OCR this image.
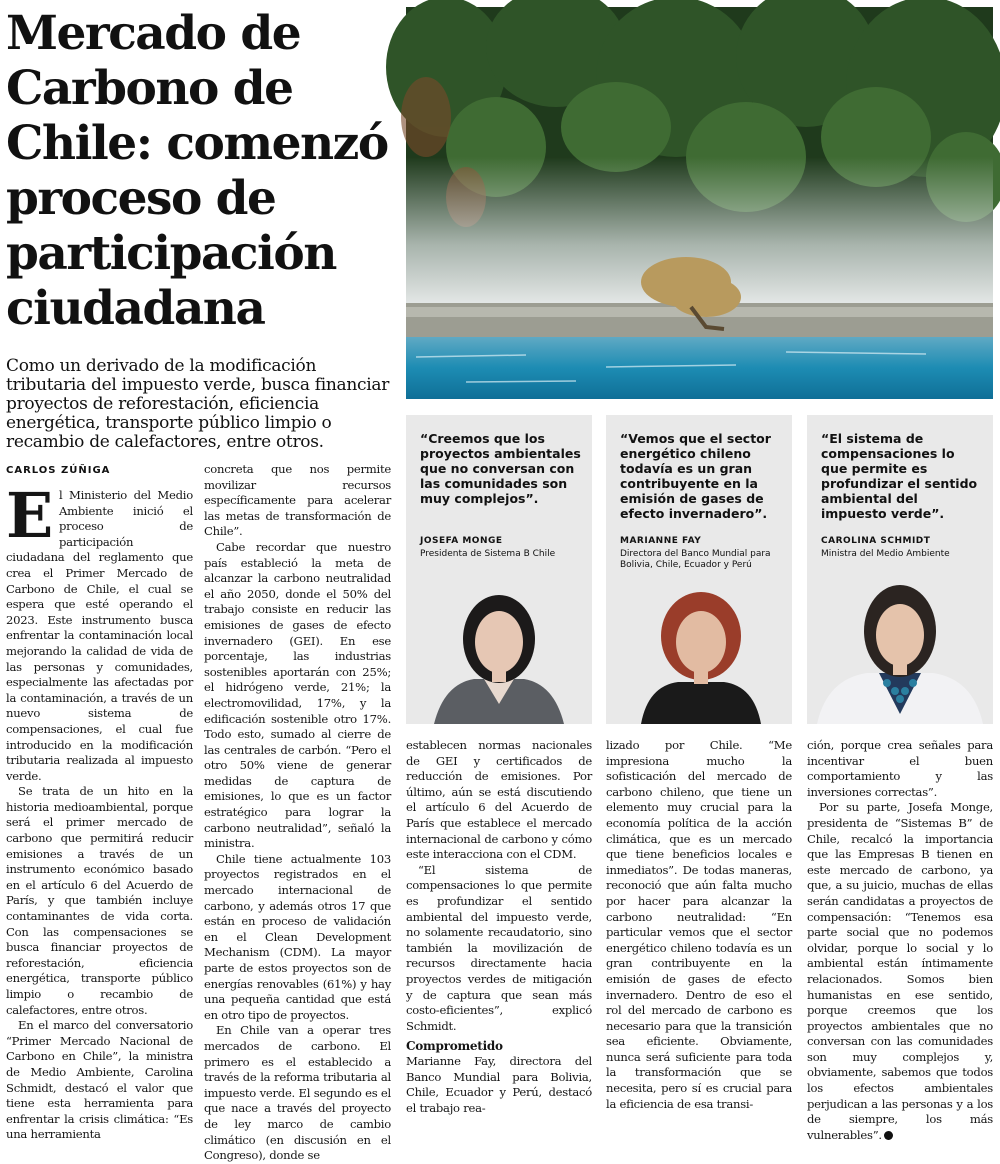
Mercado de
Carbono de
Chile: comenzó
proceso de
participación
ciudadana

Como un derivado de la modificación tributaria del impuesto verde, busca financiar proyectos de reforestación, eficiencia energética, transporte público limpio o recambio de calefactores, entre otros.

CARLOS ZÚÑIGA

El Ministerio del Medio Ambiente inició el proceso de participación ciudadana del reglamento que crea el Primer Mercado de Carbono de Chile, el cual se espera que esté operando el 2023. Este instrumento busca enfrentar la contaminación local mejorando la calidad de vida de las personas y comunidades, especialmente las afectadas por la contaminación, a través de un nuevo sistema de compensaciones, el cual fue introducido en la modificación tributaria realizada al impuesto verde.

Se trata de un hito en la historia medioambiental, porque será el primer mercado de carbono que permitirá reducir emisiones a través de un instrumento económico basado en el artículo 6 del Acuerdo de París, y que también incluye contaminantes de vida corta. Con las compensaciones se busca financiar proyectos de reforestación, eficiencia energética, transporte público limpio o recambio de calefactores, entre otros.

En el marco del conversatorio “Primer Mercado Nacional de Carbono en Chile”, la ministra de Medio Ambiente, Carolina Schmidt, destacó el valor que tiene esta herramienta para enfrentar la crisis climática: “Es una herramienta

concreta que nos permite movilizar recursos específicamente para acelerar las metas de transformación de Chile”.

Cabe recordar que nuestro país estableció la meta de alcanzar la carbono neutralidad el año 2050, donde el 50% del trabajo consiste en reducir las emisiones de gases de efecto invernadero (GEI). En ese porcentaje, las industrias sostenibles aportarán con 25%; el hidrógeno verde, 21%; la electromovilidad, 17%, y la edificación sostenible otro 17%. Todo esto, sumado al cierre de las centrales de carbón. “Pero el otro 50% viene de generar medidas de captura de emisiones, lo que es un factor estratégico para lograr la carbono neutralidad”, señaló la ministra.

Chile tiene actualmente 103 proyectos registrados en el mercado internacional de carbono, y además otros 17 que están en proceso de validación en el Clean Development Mechanism (CDM). La mayor parte de estos proyectos son de energías renovables (61%) y hay una pequeña cantidad que está en otro tipo de proyectos.

En Chile van a operar tres mercados de carbono. El primero es el establecido a través de la reforma tributaria al impuesto verde. El segundo es el que nace a través del proyecto de ley marco de cambio climático (en discusión en el Congreso), donde se

“Creemos que los proyectos ambientales que no conversan con las comunidades son muy complejos”.
JOSEFA MONGE
Presidenta de Sistema B Chile
“Vemos que el sector energético chileno todavía es un gran contribuyente en la emisión de gases de efecto invernadero”.
MARIANNE FAY
Directora del Banco Mundial para Bolivia, Chile, Ecuador y Perú
“El sistema de compensaciones lo que permite es profundizar el sentido ambiental del impuesto verde”.
CAROLINA SCHMIDT
Ministra del Medio Ambiente

establecen normas nacionales de GEI y certificados de reducción de emisiones. Por último, aún se está discutiendo el artículo 6 del Acuerdo de París que establece el mercado internacional de carbono y cómo este interacciona con el CDM.

“El sistema de compensaciones lo que permite es profundizar el sentido ambiental del impuesto verde, no solamente recaudatorio, sino también la movilización de recursos directamente hacia proyectos verdes de mitigación y de captura que sean más costo-eficientes”, explicó Schmidt.

Comprometido

Marianne Fay, directora del Banco Mundial para Bolivia, Chile, Ecuador y Perú, destacó el trabajo rea-

lizado por Chile. “Me impresiona mucho la sofisticación del mercado de carbono chileno, que tiene un elemento muy crucial para la economía política de la acción climática, que es un mercado que tiene beneficios locales e inmediatos”. De todas maneras, reconoció que aún falta mucho por hacer para alcanzar la carbono neutralidad: “En particular vemos que el sector energético chileno todavía es un gran contribuyente en la emisión de gases de efecto invernadero. Dentro de eso el rol del mercado de carbono es necesario para que la transición sea eficiente. Obviamente, nunca será suficiente para toda la transformación que se necesita, pero sí es crucial para la eficiencia de esa transi-

ción, porque crea señales para incentivar el buen comportamiento y las inversiones correctas”.

Por su parte, Josefa Monge, presidenta de “Sistemas B” de Chile, recalcó la importancia que las Empresas B tienen en este mercado de carbono, ya que, a su juicio, muchas de ellas serán candidatas a proyectos de compensación: “Tenemos esa parte social que no podemos olvidar, porque lo social y lo ambiental están íntimamente relacionados. Somos bien humanistas en ese sentido, porque creemos que los proyectos ambientales que no conversan con las comunidades son muy complejos y, obviamente, sabemos que todos los efectos ambientales perjudican a las personas y a los de siempre, los más vulnerables”.
